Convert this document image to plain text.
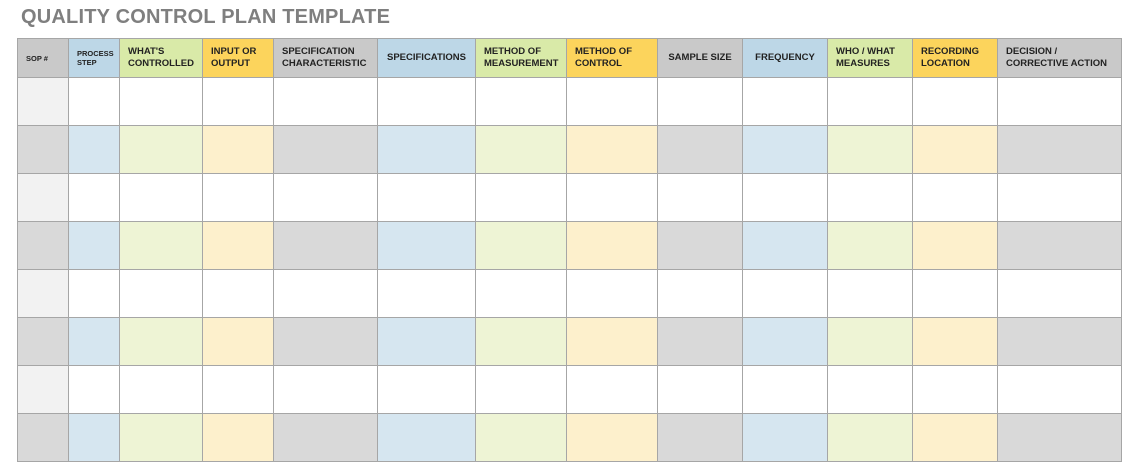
QUALITY CONTROL PLAN TEMPLATE
SOP #	PROCESS STEP	WHAT'S CONTROLLED	INPUT OR OUTPUT	SPECIFICATION CHARACTERISTIC	SPECIFICATIONS	METHOD OF MEASUREMENT	METHOD OF CONTROL	SAMPLE SIZE	FREQUENCY	WHO / WHAT MEASURES	RECORDING LOCATION	DECISION / CORRECTIVE ACTION
